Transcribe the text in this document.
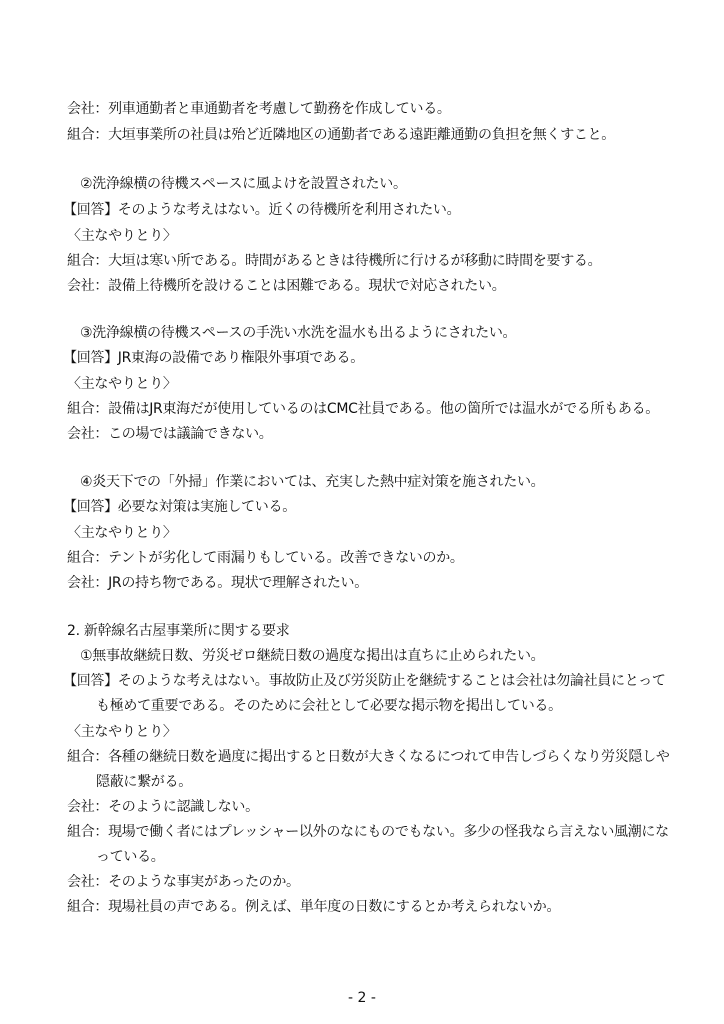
会社：列車通勤者と車通勤者を考慮して勤務を作成している。
組合：大垣事業所の社員は殆ど近隣地区の通勤者である遠距離通勤の負担を無くすこと。
②洗浄線横の待機スペースに風よけを設置されたい。
【回答】そのような考えはない。近くの待機所を利用されたい。
〈主なやりとり〉
組合：大垣は寒い所である。時間があるときは待機所に行けるが移動に時間を要する。
会社：設備上待機所を設けることは困難である。現状で対応されたい。
③洗浄線横の待機スペースの手洗い水洗を温水も出るようにされたい。
【回答】JR東海の設備であり権限外事項である。
〈主なやりとり〉
組合：設備はJR東海だが使用しているのはCMC社員である。他の箇所では温水がでる所もある。
会社：この場では議論できない。
④炎天下での「外掃」作業においては、充実した熱中症対策を施されたい。
【回答】必要な対策は実施している。
〈主なやりとり〉
組合：テントが劣化して雨漏りもしている。改善できないのか。
会社：JRの持ち物である。現状で理解されたい。
2. 新幹線名古屋事業所に関する要求
①無事故継続日数、労災ゼロ継続日数の過度な掲出は直ちに止められたい。
【回答】そのような考えはない。事故防止及び労災防止を継続することは会社は勿論社員にとって
も極めて重要である。そのために会社として必要な掲示物を掲出している。
〈主なやりとり〉
組合：各種の継続日数を過度に掲出すると日数が大きくなるにつれて申告しづらくなり労災隠しや
隠蔽に繋がる。
会社：そのように認識しない。
組合：現場で働く者にはプレッシャー以外のなにものでもない。多少の怪我なら言えない風潮にな
っている。
会社：そのような事実があったのか。
組合：現場社員の声である。例えば、単年度の日数にするとか考えられないか。
- 2 -
